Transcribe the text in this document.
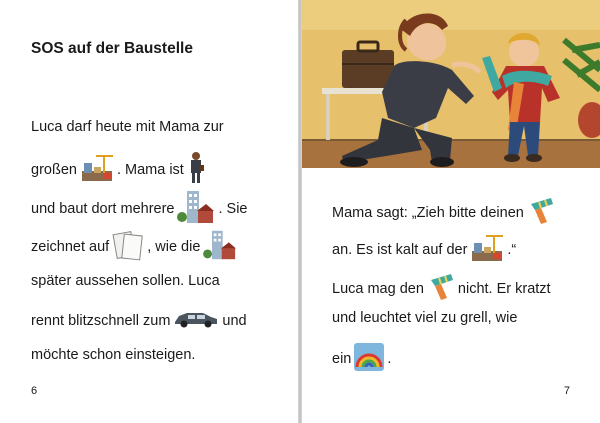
SOS auf der Baustelle
Luca darf heute mit Mama zur
großen	. Mama ist
und baut dort mehrere	. Sie
zeichnet auf	, wie die
später aussehen sollen. Luca
rennt blitzschnell zum	und
möchte schon einsteigen.
6
Mama sagt: „Zieh bitte deinen
an. Es ist kalt auf der	.“
Luca mag den nicht. Er kratzt
und leuchtet viel zu grell, wie
ein .
7
